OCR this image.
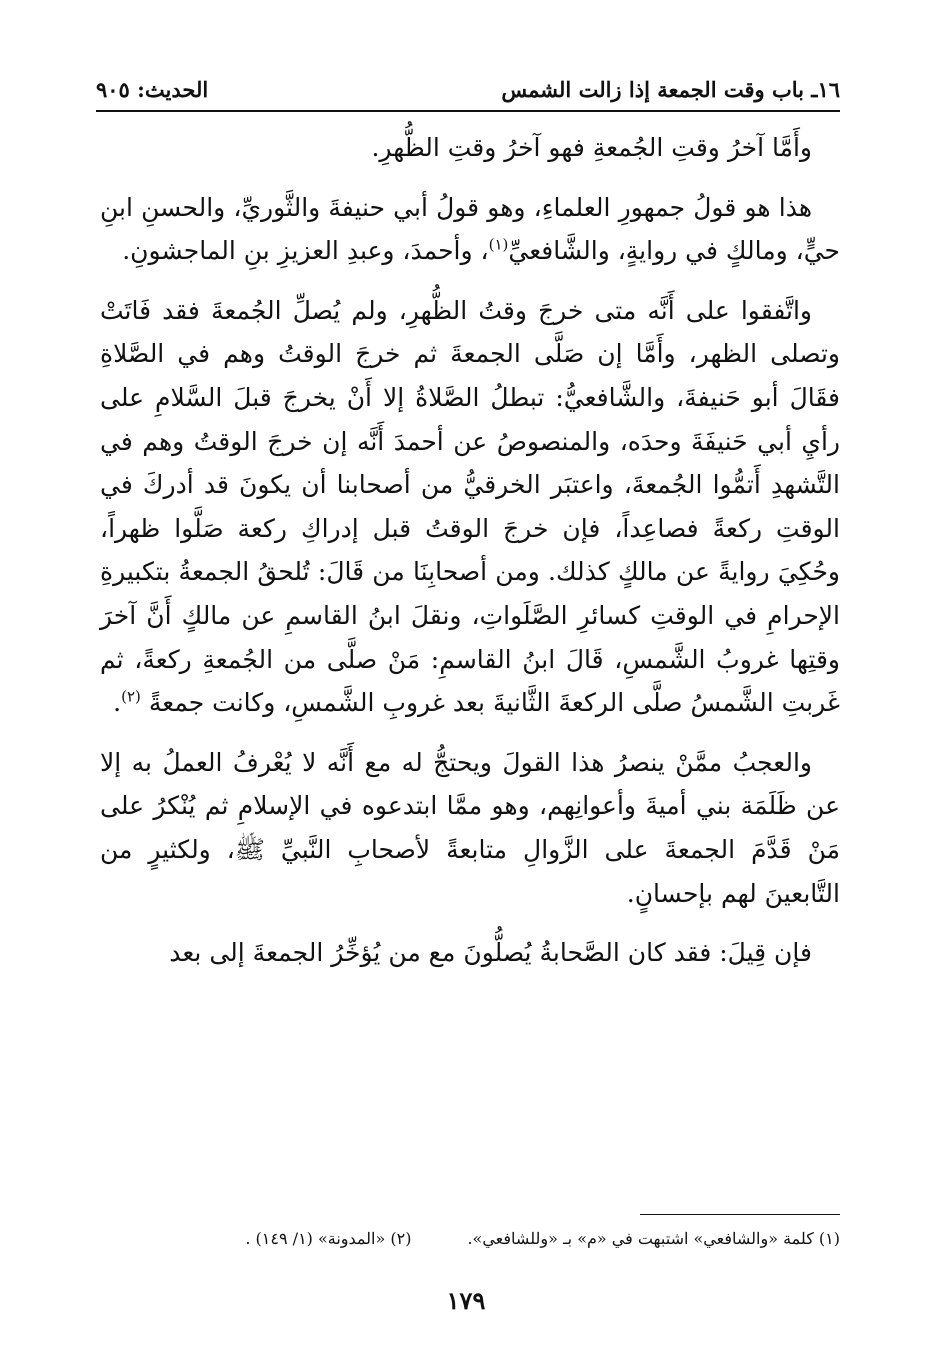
١٦ـ باب وقت الجمعة إذا زالت الشمس
الحديث: ٩٠٥

وأَمَّا آخرُ وقتِ الجُمعةِ فهو آخرُ وقتِ الظُّهرِ.

هذا هو قولُ جمهورِ العلماءِ، وهو قولُ أبي حنيفةَ والثَّوريِّ، والحسنِ ابنِ حيٍّ، ومالكٍ في روايةٍ، والشَّافعيِّ$^{(١)}$، وأحمدَ، وعبدِ العزيزِ بنِ الماجشونِ.

واتَّفقوا على أَنَّه متى خرجَ وقتُ الظُّهرِ، ولم يُصلِّ الجُمعةَ فقد فَاتَتْ وتصلى الظهر، وأَمَّا إن صَلَّى الجمعةَ ثم خرجَ الوقتُ وهم في الصَّلاةِ فقَالَ أبو حَنيفةَ، والشَّافعيُّ: تبطلُ الصَّلاةُ إلا أَنْ يخرجَ قبلَ السَّلامِ على رأيِ أبي حَنيفَةَ وحدَه، والمنصوصُ عن أحمدَ أَنَّه إن خرجَ الوقتُ وهم في التَّشهدِ أَتمُّوا الجُمعةَ، واعتبَر الخرقيُّ من أصحابنا أن يكونَ قد أدركَ في الوقتِ ركعةً فصاعِداً، فإن خرجَ الوقتُ قبل إدراكِ ركعة صَلَّوا ظهراً، وحُكِيَ روايةً عن مالكٍ كذلك. ومن أصحابِنَا من قَالَ: تُلحقُ الجمعةُ بتكبيرةِ الإحرامِ في الوقتِ كسائرِ الصَّلَواتِ، ونقلَ ابنُ القاسمِ عن مالكٍ أَنَّ آخرَ وقتِها غروبُ الشَّمسِ، قَالَ ابنُ القاسمِ: مَنْ صلَّى من الجُمعةِ ركعةً، ثم غَربتِ الشَّمسُ صلَّى الركعةَ الثَّانيةَ بعد غروبِ الشَّمسِ، وكانت جمعةً $^{(٢)}$.

والعجبُ ممَّنْ ينصرُ هذا القولَ ويحتجُّ له مع أَنَّه لا يُعْرفُ العملُ به إلا عن ظَلَمَة بني أميةَ وأعوانِهم، وهو ممَّا ابتدعوه في الإسلامِ ثم يُنْكرُ على مَنْ قَدَّمَ الجمعةَ على الزَّوالِ متابعةً لأصحابِ النَّبيِّ ﷺ، ولكثيرٍ من التَّابعينَ لهم بإحسانٍ.

فإن قِيلَ: فقد كان الصَّحابةُ يُصلُّونَ مع من يُؤخِّرُ الجمعةَ إلى بعد

(١) كلمة «والشافعي» اشتبهت في «م» بـ «وللشافعي».
(٢) «المدونة» (١/ ١٤٩) .
١٧٩
